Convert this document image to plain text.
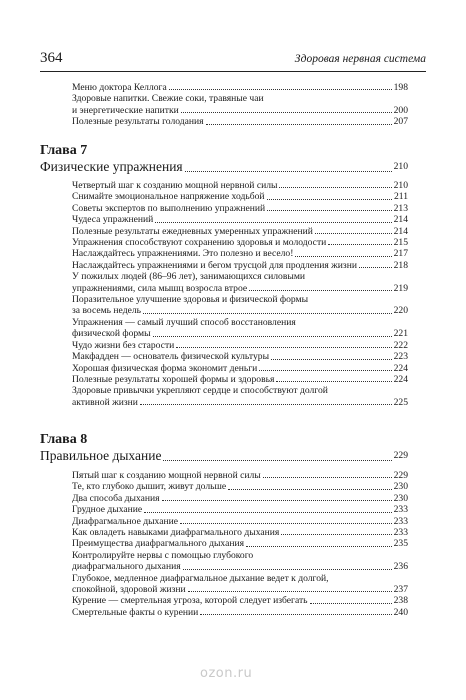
364	Здоровая нервная система
Меню доктора Келлога	198
Здоровые напитки. Свежие соки, травяные чаи
и энергетические напитки	200
Полезные результаты голодания	207
Глава 7
Физические упражнения	210
Четвертый шаг к созданию мощной нервной силы	210
Снимайте эмоциональное напряжение ходьбой	211
Советы экспертов по выполнению упражнений	213
Чудеса упражнений	214
Полезные результаты ежедневных умеренных упражнений	214
Упражнения способствуют сохранению здоровья и молодости	215
Наслаждайтесь упражнениями. Это полезно и весело!	217
Наслаждайтесь упражнениями и бегом трусцой для продления жизни	218
У пожилых людей (86–96 лет), занимающихся силовыми
упражнениями, сила мышц возросла втрое	219
Поразительное улучшение здоровья и физической формы
за восемь недель	220
Упражнения — самый лучший способ восстановления
физической формы	221
Чудо жизни без старости	222
Макфадден — основатель физической культуры	223
Хорошая физическая форма экономит деньги	224
Полезные результаты хорошей формы и здоровья	224
Здоровые привычки укрепляют сердце и способствуют долгой
активной жизни	225
Глава 8
Правильное дыхание	229
Пятый шаг к созданию мощной нервной силы	229
Те, кто глубоко дышит, живут дольше	230
Два способа дыхания	230
Грудное дыхание	233
Диафрагмальное дыхание	233
Как овладеть навыками диафрагмального дыхания	233
Преимущества диафрагмального дыхания	235
Контролируйте нервы с помощью глубокого
диафрагмального дыхания	236
Глубокое, медленное диафрагмальное дыхание ведет к долгой,
спокойной, здоровой жизни	237
Курение — смертельная угроза, которой следует избегать	238
Смертельные факты о курении	240
ozon.ru
